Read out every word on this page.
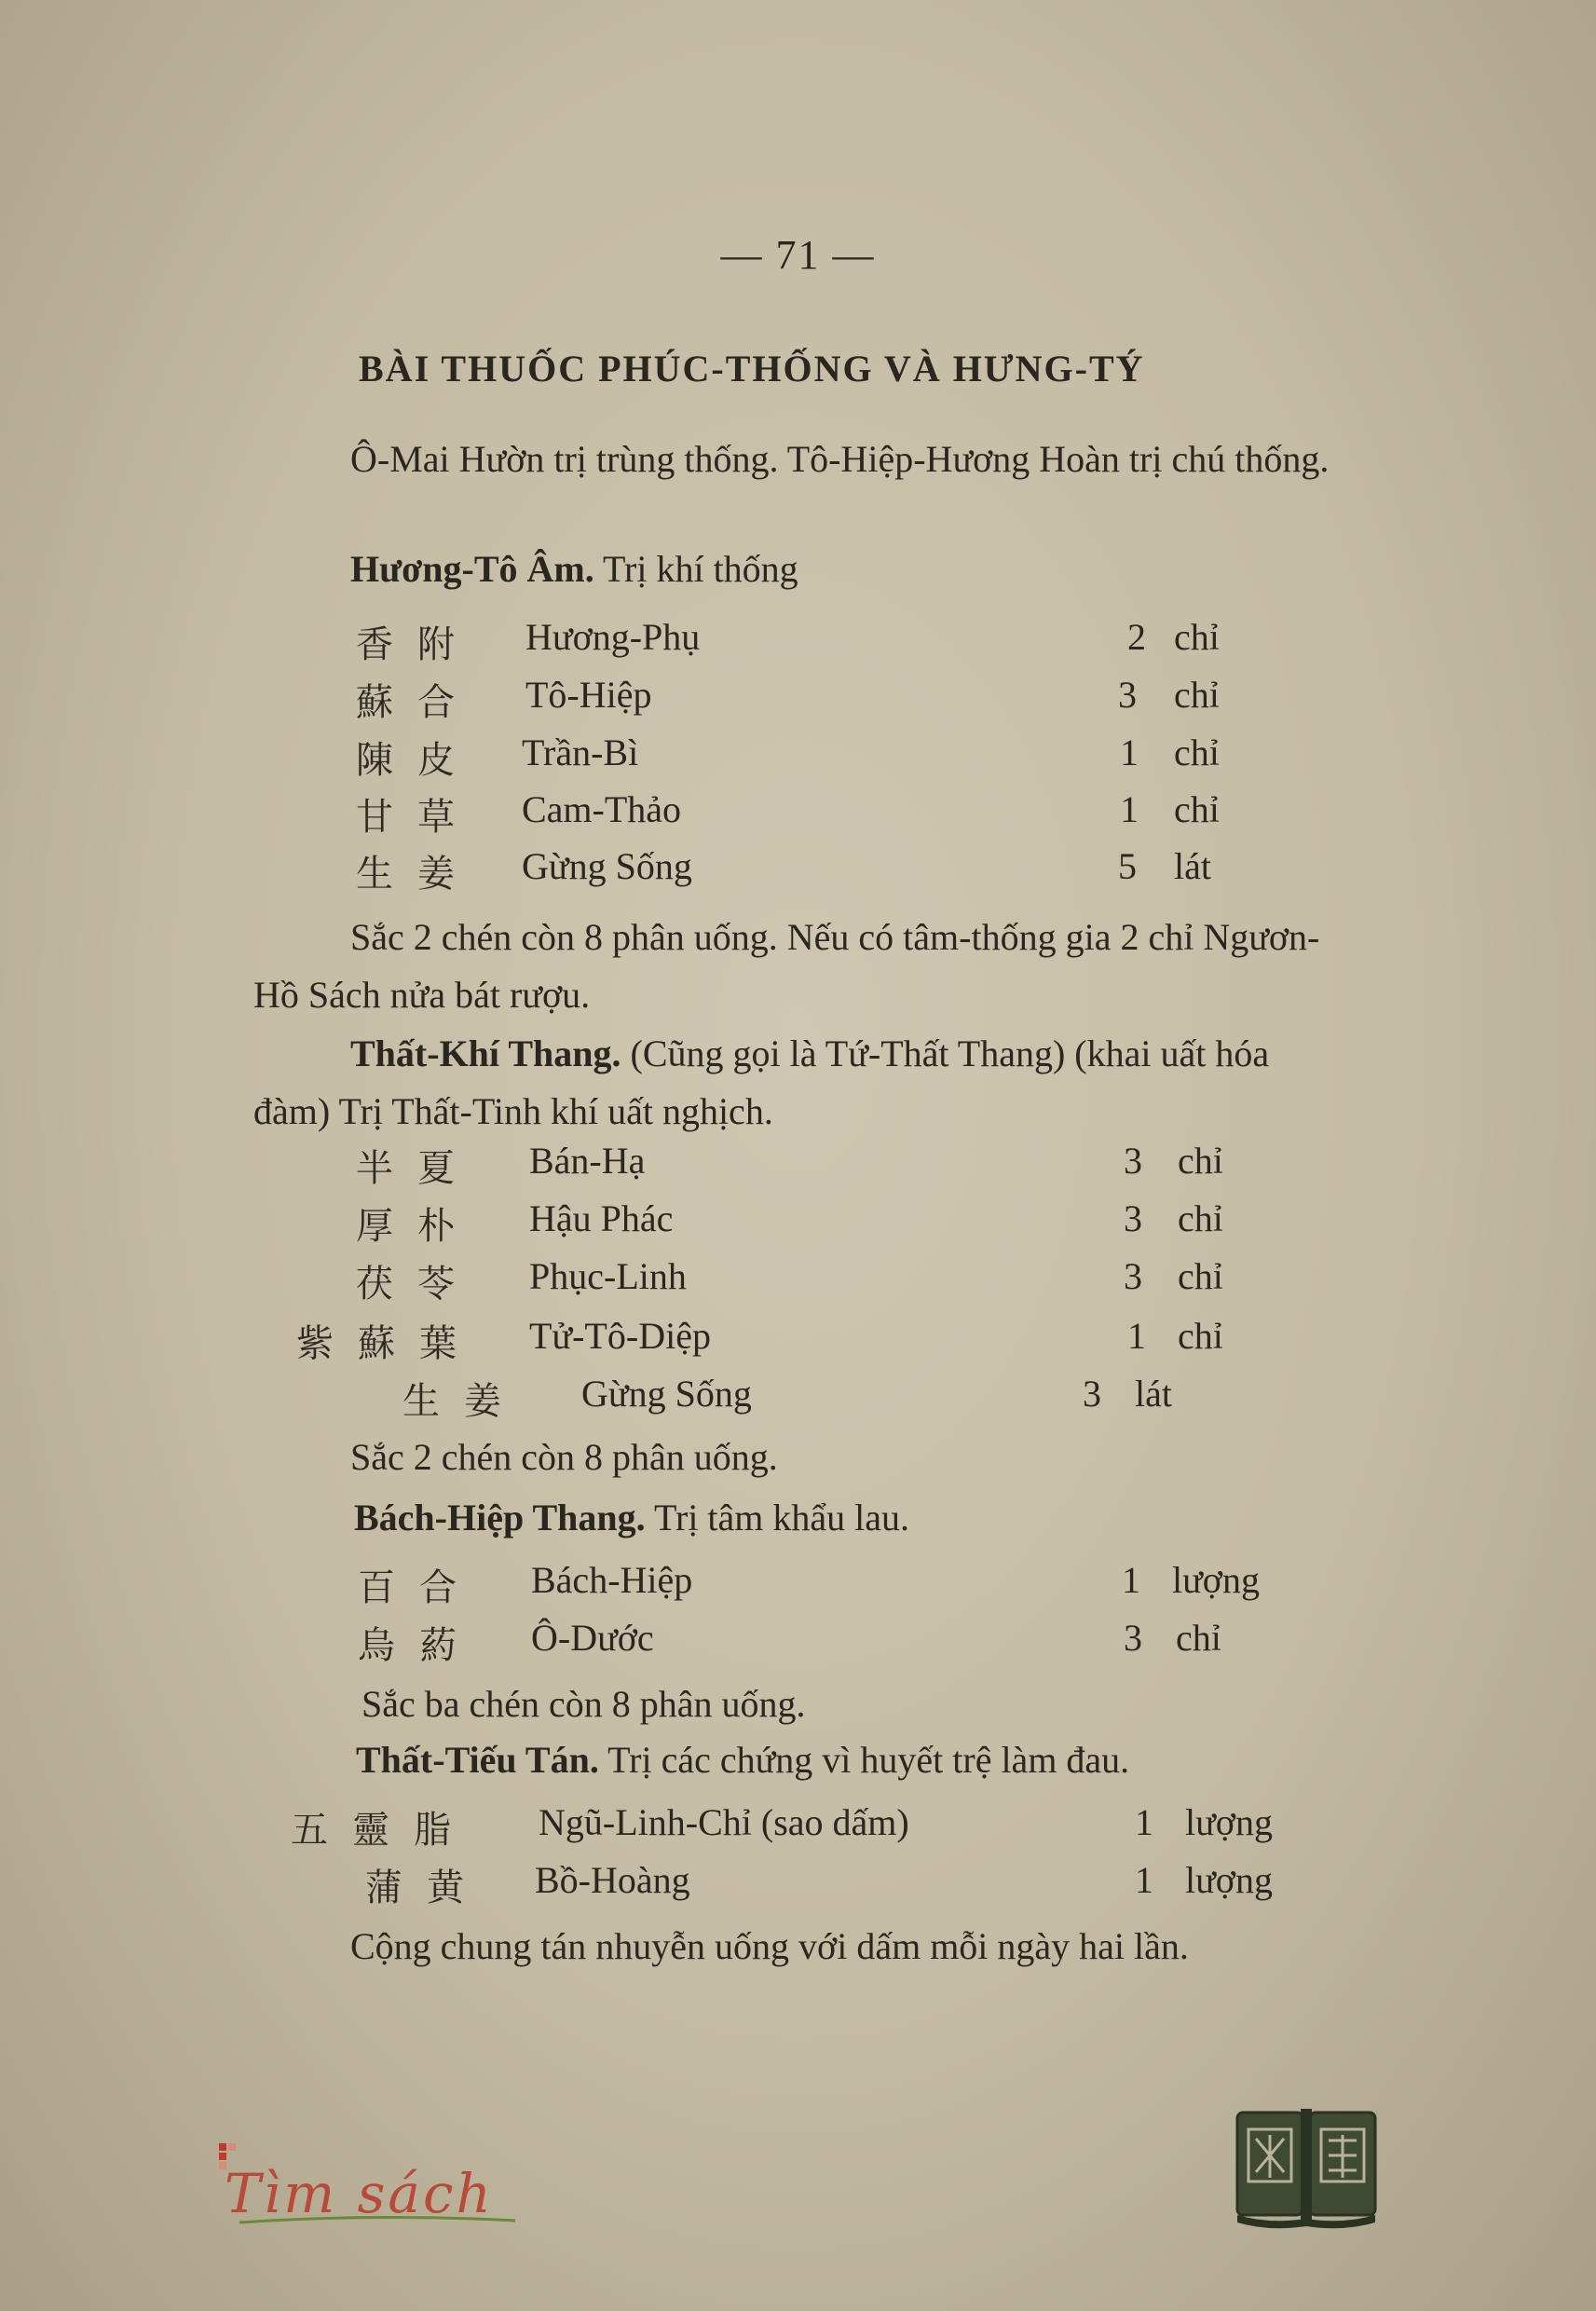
— 71 —
BÀI THUỐC PHÚC-THỐNG VÀ HƯNG-TÝ
Ô-Mai Hườn trị trùng thống. Tô-Hiệp-Hương Hoàn trị chú thống.
Hương-Tô Âm. Trị khí thống
香附 Hương-Phụ	2 chỉ
蘇合 Tô-Hiệp	3 chỉ
陳皮 Trần-Bì	1 chỉ
甘草 Cam-Thảo	1 chỉ
生姜 Gừng Sống	5 lát
Sắc 2 chén còn 8 phân uống. Nếu có tâm-thống gia 2 chỉ Ngươn-Hồ Sách nửa bát rượu.
Thất-Khí Thang. (Cũng gọi là Tứ-Thất Thang) (khai uất hóa đàm) Trị Thất-Tinh khí uất nghịch.
半夏 Bán-Hạ	3 chỉ
厚朴 Hậu Phác	3 chỉ
茯苓 Phục-Linh	3 chỉ
紫蘇葉 Tử-Tô-Diệp	1 chỉ
生姜 Gừng Sống	3 lát
Sắc 2 chén còn 8 phân uống.
Bách-Hiệp Thang. Trị tâm khẩu lau.
百合 Bách-Hiệp	1 lượng
烏葯 Ô-Dước	3 chỉ
Sắc ba chén còn 8 phân uống.
Thất-Tiếu Tán. Trị các chứng vì huyết trệ làm đau.
五靈脂 Ngũ-Linh-Chỉ (sao dấm)	1 lượng
蒲黄 Bồ-Hoàng	1 lượng
Cộng chung tán nhuyễn uống với dấm mỗi ngày hai lần.
Tìm sách
